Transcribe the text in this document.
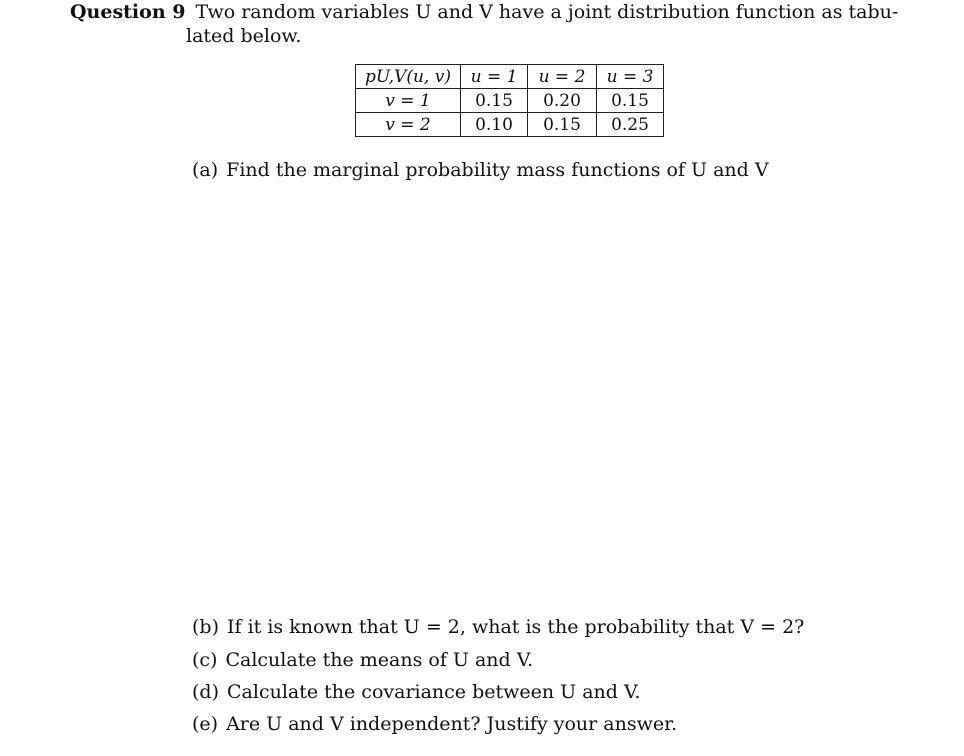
Question 9 Two random variables U and V have a joint distribution function as tabu-
lated below.
pU,V(u, v)	u = 1	u = 2	u = 3
v = 1	0.15	0.20	0.15
v = 2	0.10	0.15	0.25
(a) Find the marginal probability mass functions of U and V
(b) If it is known that U = 2, what is the probability that V = 2?
(c) Calculate the means of U and V.
(d) Calculate the covariance between U and V.
(e) Are U and V independent? Justify your answer.
